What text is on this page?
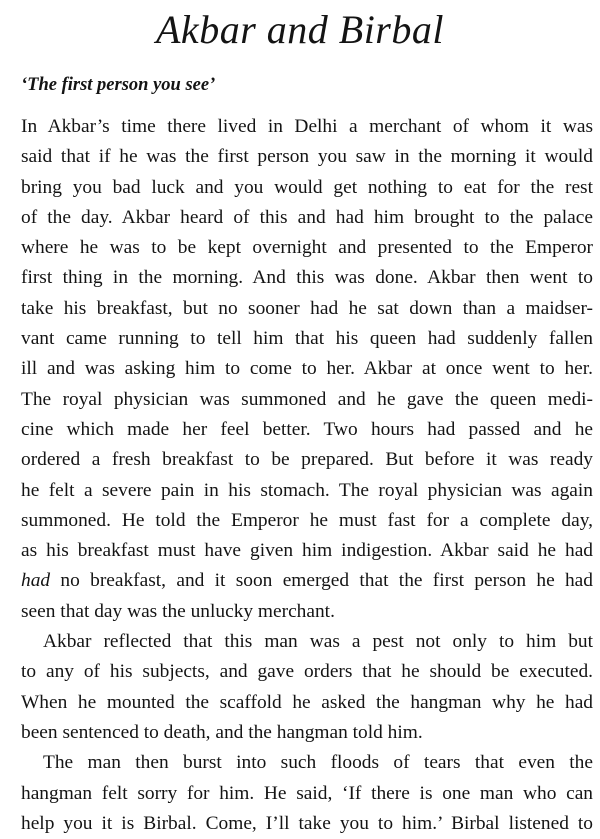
Akbar and Birbal
‘The first person you see’
In Akbar’s time there lived in Delhi a merchant of whom it was
said that if he was the first person you saw in the morning it would
bring you bad luck and you would get nothing to eat for the rest
of the day. Akbar heard of this and had him brought to the palace
where he was to be kept overnight and presented to the Emperor
first thing in the morning. And this was done. Akbar then went to
take his breakfast, but no sooner had he sat down than a maidser-
vant came running to tell him that his queen had suddenly fallen
ill and was asking him to come to her. Akbar at once went to her.
The royal physician was summoned and he gave the queen medi-
cine which made her feel better. Two hours had passed and he
ordered a fresh breakfast to be prepared. But before it was ready
he felt a severe pain in his stomach. The royal physician was again
summoned. He told the Emperor he must fast for a complete day,
as his breakfast must have given him indigestion. Akbar said he had
had no breakfast, and it soon emerged that the first person he had
seen that day was the unlucky merchant.
Akbar reflected that this man was a pest not only to him but
to any of his subjects, and gave orders that he should be executed.
When he mounted the scaffold he asked the hangman why he had
been sentenced to death, and the hangman told him.
The man then burst into such floods of tears that even the
hangman felt sorry for him. He said, ‘If there is one man who can
help you it is Birbal. Come, I’ll take you to him.’ Birbal listened to
